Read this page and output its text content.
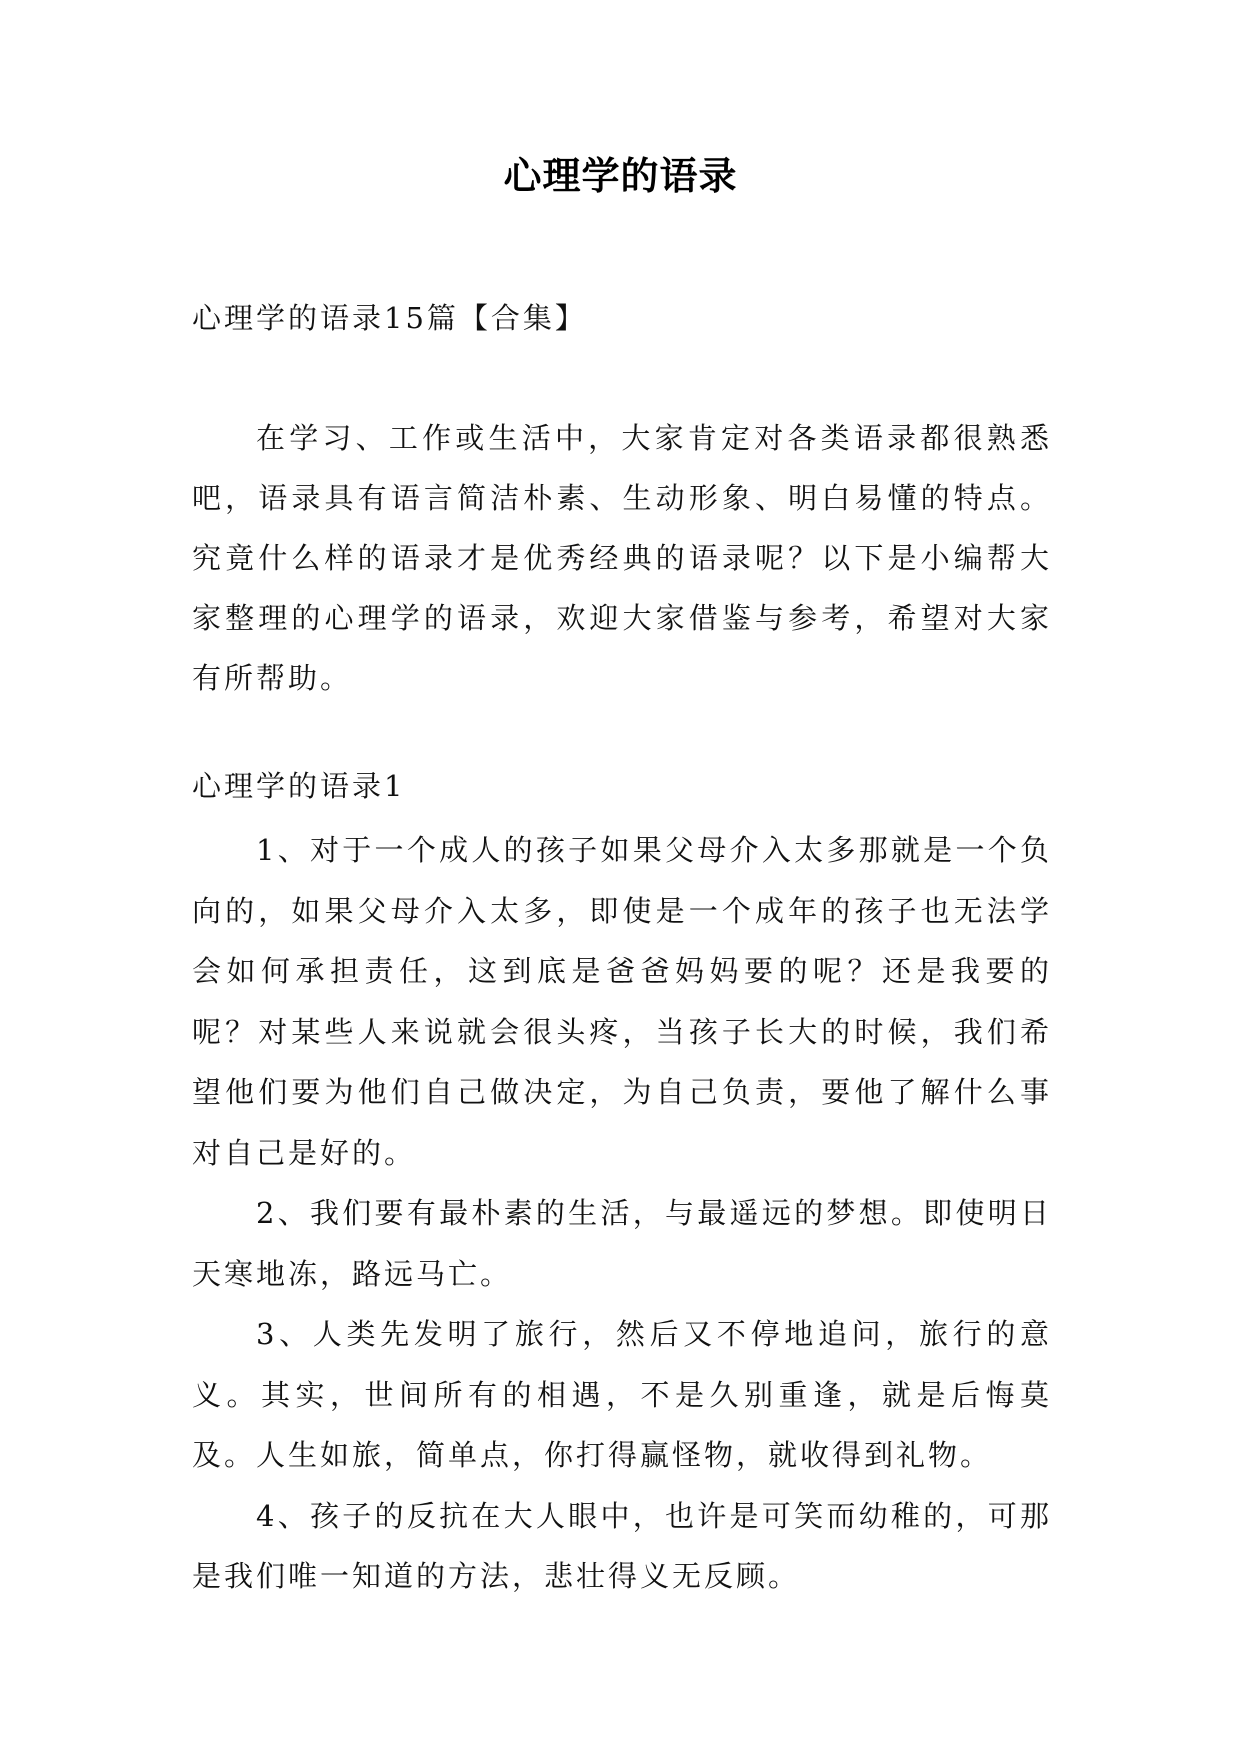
心理学的语录
心理学的语录15篇【合集】
在学习、工作或生活中，大家肯定对各类语录都很熟悉吧，语录具有语言简洁朴素、生动形象、明白易懂的特点。究竟什么样的语录才是优秀经典的语录呢？以下是小编帮大家整理的心理学的语录，欢迎大家借鉴与参考，希望对大家有所帮助。
心理学的语录1

1、对于一个成人的孩子如果父母介入太多那就是一个负向的，如果父母介入太多，即使是一个成年的孩子也无法学会如何承担责任，这到底是爸爸妈妈要的呢？还是我要的呢？对某些人来说就会很头疼，当孩子长大的时候，我们希望他们要为他们自己做决定，为自己负责，要他了解什么事对自己是好的。

2、我们要有最朴素的生活，与最遥远的梦想。即使明日天寒地冻，路远马亡。

3、人类先发明了旅行，然后又不停地追问，旅行的意义。其实，世间所有的相遇，不是久别重逢，就是后悔莫及。人生如旅，简单点，你打得赢怪物，就收得到礼物。

4、孩子的反抗在大人眼中，也许是可笑而幼稚的，可那是我们唯一知道的方法，悲壮得义无反顾。
